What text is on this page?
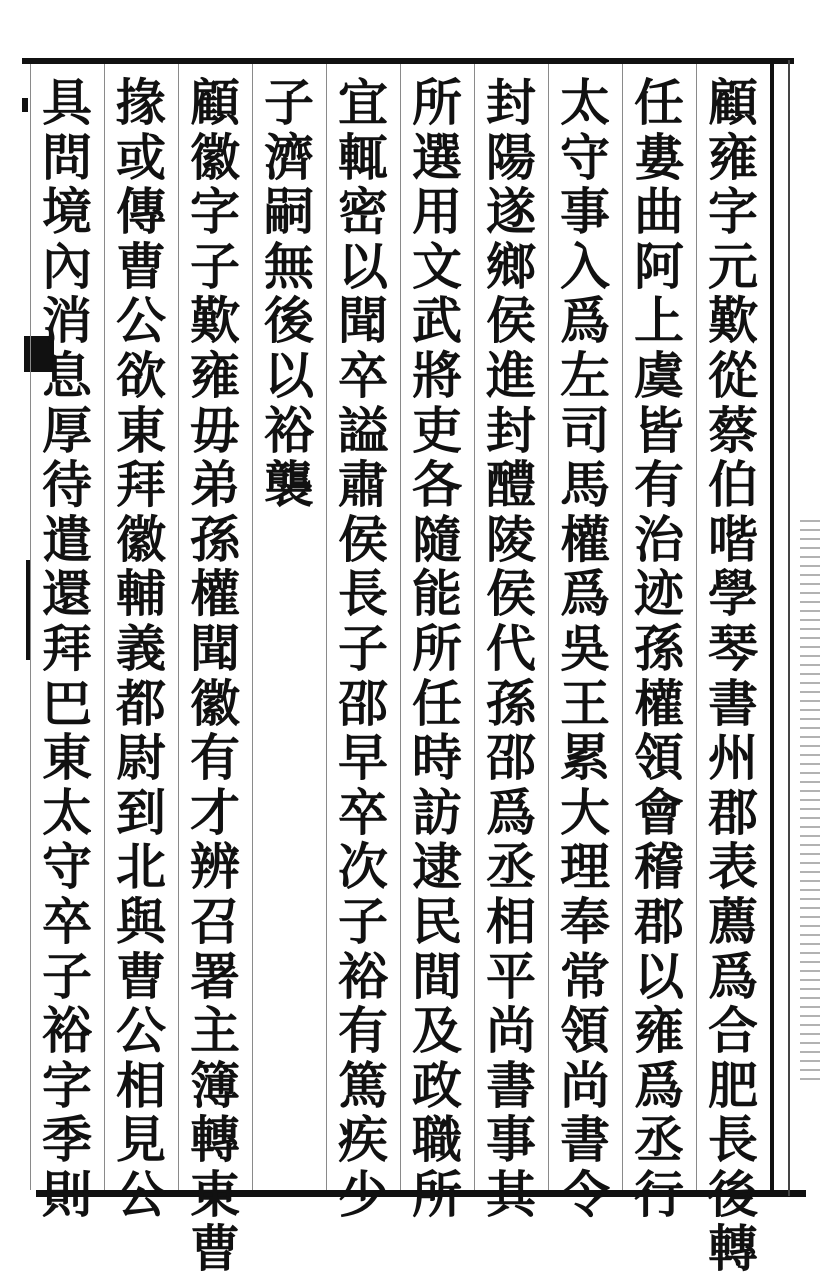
顧
雍
字
元
歎
從
蔡
伯
喈
學
琴
書
州
郡
表
薦
爲
合
肥
長
後
轉
任
婁
曲
阿
上
虞
皆
有
治
迹
孫
權
領
會
稽
郡
以
雍
爲
丞
行
太
守
事
入
爲
左
司
馬
權
爲
吳
王
累
大
理
奉
常
領
尚
書
令
封
陽
遂
鄉
侯
進
封
醴
陵
侯
代
孫
邵
爲
丞
相
平
尚
書
事
其
所
選
用
文
武
將
吏
各
隨
能
所
任
時
訪
逮
民
間
及
政
職
所
宜
輒
密
以
聞
卒
謚
肅
侯
長
子
邵
早
卒
次
子
裕
有
篤
疾
少
子
濟
嗣
無
後
以
裕
襲
顧
徽
字
子
歎
雍
毋
弟
孫
權
聞
徽
有
才
辨
召
署
主
簿
轉
東
曹
掾
或
傳
曹
公
欲
東
拜
徽
輔
義
都
尉
到
北
與
曹
公
相
見
公
具
問
境
內
消
息
厚
待
遣
還
拜
巴
東
太
守
卒
子
裕
字
季
則
